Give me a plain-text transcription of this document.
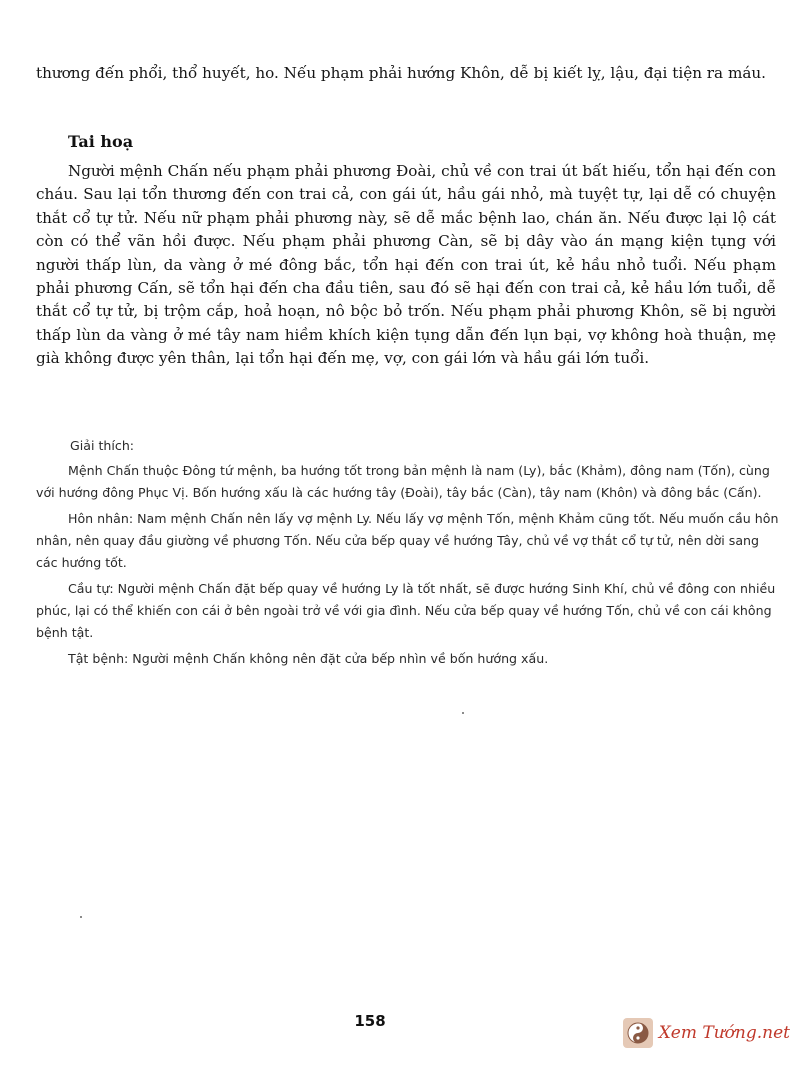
thương đến phổi, thổ huyết, ho. Nếu phạm phải hướng Khôn, dễ bị kiết lỵ, lậu, đại tiện ra máu.
Tai hoạ
Người mệnh Chấn nếu phạm phải phương Đoài, chủ về con trai út bất hiếu, tổn hại đến con cháu. Sau lại tổn thương đến con trai cả, con gái út, hầu gái nhỏ, mà tuyệt tự, lại dễ có chuyện thắt cổ tự tử. Nếu nữ phạm phải phương này, sẽ dễ mắc bệnh lao, chán ăn. Nếu được lại lộ cát còn có thể vãn hồi được. Nếu phạm phải phương Càn, sẽ bị dây vào án mạng kiện tụng với người thấp lùn, da vàng ở mé đông bắc, tổn hại đến con trai út, kẻ hầu nhỏ tuổi. Nếu phạm phải phương Cấn, sẽ tổn hại đến cha đầu tiên, sau đó sẽ hại đến con trai cả, kẻ hầu lớn tuổi, dễ thắt cổ tự tử, bị trộm cắp, hoả hoạn, nô bộc bỏ trốn. Nếu phạm phải phương Khôn, sẽ bị người thấp lùn da vàng ở mé tây nam hiềm khích kiện tụng dẫn đến lụn bại, vợ không hoà thuận, mẹ già không được yên thân, lại tổn hại đến mẹ, vợ, con gái lớn và hầu gái lớn tuổi.
Giải thích:

Mệnh Chấn thuộc Đông tứ mệnh, ba hướng tốt trong bản mệnh là nam (Ly), bắc (Khảm), đông nam (Tốn), cùng với hướng đông Phục Vị. Bốn hướng xấu là các hướng tây (Đoài), tây bắc (Càn), tây nam (Khôn) và đông bắc (Cấn).

Hôn nhân: Nam mệnh Chấn nên lấy vợ mệnh Ly. Nếu lấy vợ mệnh Tốn, mệnh Khảm cũng tốt. Nếu muốn cầu hôn nhân, nên quay đầu giường về phương Tốn. Nếu cửa bếp quay về hướng Tây, chủ về vợ thắt cổ tự tử, nên dời sang các hướng tốt.

Cầu tự: Người mệnh Chấn đặt bếp quay về hướng Ly là tốt nhất, sẽ được hướng Sinh Khí, chủ về đông con nhiều phúc, lại có thể khiến con cái ở bên ngoài trở về với gia đình. Nếu cửa bếp quay về hướng Tốn, chủ về con cái không bệnh tật.

Tật bệnh: Người mệnh Chấn không nên đặt cửa bếp nhìn về bốn hướng xấu.

158
Xem Tướng.net
